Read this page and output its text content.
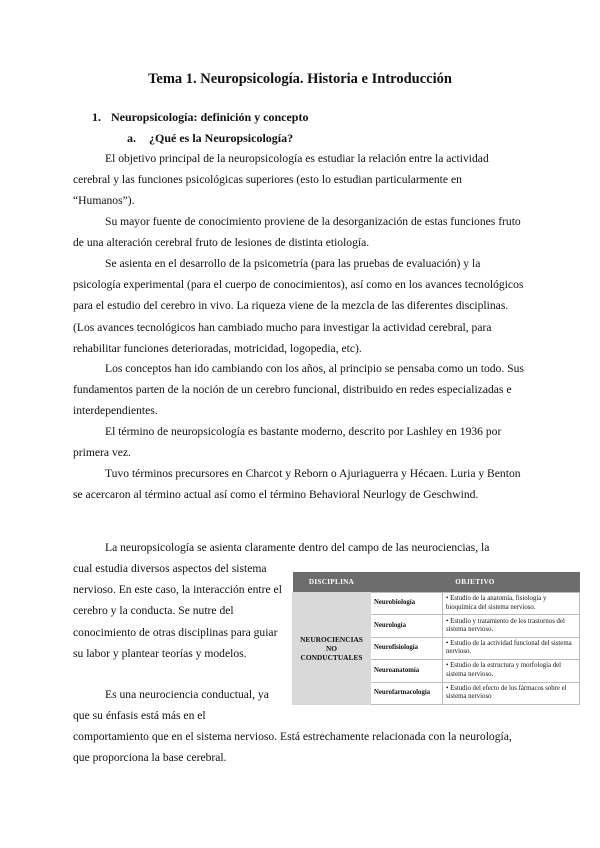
Tema 1. Neuropsicología. Historia e Introducción
1. Neuropsicología: definición y concepto
a. ¿Qué es la Neuropsicología?

El objetivo principal de la neuropsicología es estudiar la relación entre la actividad cerebral y las funciones psicológicas superiores (esto lo estudian particularmente en “Humanos”).

Su mayor fuente de conocimiento proviene de la desorganización de estas funciones fruto de una alteración cerebral fruto de lesiones de distinta etiología.

Se asienta en el desarrollo de la psicometría (para las pruebas de evaluación) y la psicología experimental (para el cuerpo de conocimientos), así como en los avances tecnológicos para el estudio del cerebro in vivo. La riqueza viene de la mezcla de las diferentes disciplinas. (Los avances tecnológicos han cambiado mucho para investigar la actividad cerebral, para rehabilitar funciones deterioradas, motricidad, logopedia, etc).

Los conceptos han ido cambiando con los años, al principio se pensaba como un todo. Sus fundamentos parten de la noción de un cerebro funcional, distribuido en redes especializadas e interdependientes.

El término de neuropsicología es bastante moderno, descrito por Lashley en 1936 por primera vez.

Tuvo términos precursores en Charcot y Reborn o Ajuriaguerra y Hécaen. Luria y Benton se acercaron al término actual así como el término Behavioral Neurlogy de Geschwind.

La neuropsicología se asienta claramente dentro del campo de las neurociencias, la

cual estudia diversos aspectos del sistema nervioso. En este caso, la interacción entre el cerebro y la conducta. Se nutre del conocimiento de otras disciplinas para guiar su labor y plantear teorías y modelos.

Es una neurociencia conductual, ya que su énfasis está más en el

comportamiento que en el sistema nervioso. Está estrechamente relacionada con la neurología, que proporciona la base cerebral.

DISCIPLINA	OBJETIVO	
NEUROCIENCIAS NO CONDUCTUALES	Neurobiología	• Estudio de la anatomía, fisiología y bioquímica del sistema nervioso.
	Neurología	• Estudio y tratamiento de los trastornos del sistema nervioso.
	Neurofisiología	• Estudio de la actividad funcional del sistema nervioso.
	Neuroanatomía	• Estudio de la estructura y morfología del sistema nervioso.
	Neurofarmacología	• Estudio del efecto de los fármacos sobre el sistema nervioso
